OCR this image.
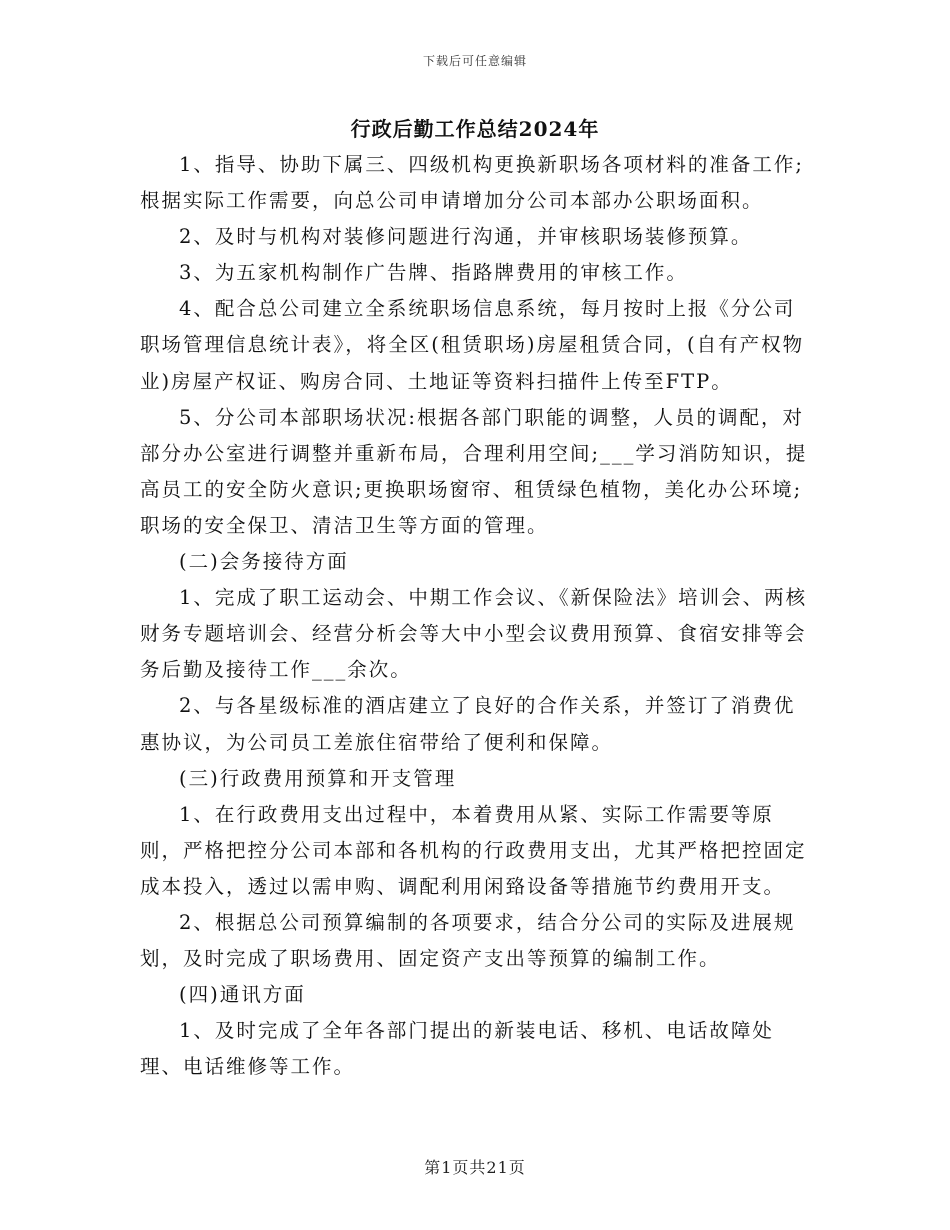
下载后可任意编辑
行政后勤工作总结2024年

1、指导、协助下属三、四级机构更换新职场各项材料的准备工作;根据实际工作需要，向总公司申请增加分公司本部办公职场面积。

2、及时与机构对装修问题进行沟通，并审核职场装修预算。

3、为五家机构制作广告牌、指路牌费用的审核工作。

4、配合总公司建立全系统职场信息系统，每月按时上报《分公司职场管理信息统计表》，将全区(租赁职场)房屋租赁合同，(自有产权物业)房屋产权证、购房合同、土地证等资料扫描件上传至FTP。

5、分公司本部职场状况:根据各部门职能的调整，人员的调配，对部分办公室进行调整并重新布局，合理利用空间;___学习消防知识，提高员工的安全防火意识;更换职场窗帘、租赁绿色植物，美化办公环境;职场的安全保卫、清洁卫生等方面的管理。

(二)会务接待方面

1、完成了职工运动会、中期工作会议、《新保险法》培训会、两核财务专题培训会、经营分析会等大中小型会议费用预算、食宿安排等会务后勤及接待工作___余次。

2、与各星级标准的酒店建立了良好的合作关系，并签订了消费优惠协议，为公司员工差旅住宿带给了便利和保障。

(三)行政费用预算和开支管理

1、在行政费用支出过程中，本着费用从紧、实际工作需要等原则，严格把控分公司本部和各机构的行政费用支出，尤其严格把控固定成本投入，透过以需申购、调配利用闲臵设备等措施节约费用开支。

2、根据总公司预算编制的各项要求，结合分公司的实际及进展规划，及时完成了职场费用、固定资产支出等预算的编制工作。

(四)通讯方面

1、及时完成了全年各部门提出的新装电话、移机、电话故障处理、电话维修等工作。

第1页共21页
